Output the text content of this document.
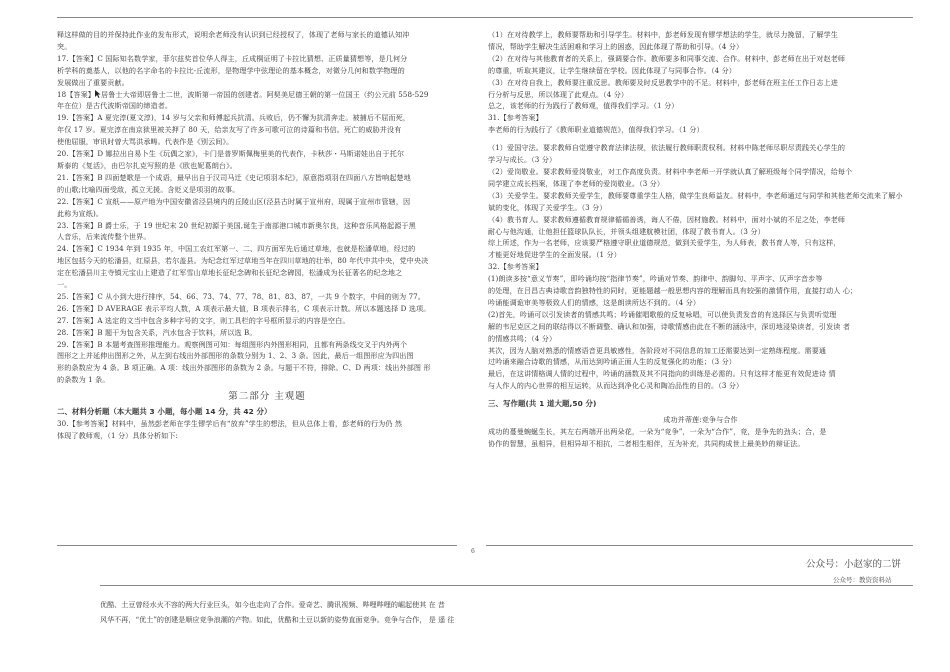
释这样做的目的并保持此作业的发布形式，说明余老师没有认识到已经授权了，体现了老师与家长的道德认知冲

突。

17.【答案】C 国际知名数学家，菲尔兹奖首位华人得主，丘成桐证明了卡拉比猜想、正质量猜想等，是几何分

析学科的奠基人，以他的名字命名的卡拉比-丘流形，是物理学中弦理论的基本概念，对微分几何和数学物理的

发展做出了重要贡献。

18【答案】 居鲁士大帝即居鲁士二世，波斯第一帝国的创建者。阿契美尼德王朝的第一位国王（约公元前 558-529

年在位）是古代波斯帝国的缔造者。

19.【答案】A 夏完淳(夏文淳)，14 岁与父亲和师傅起兵抗清。兵败后，仍不懈为抗清奔走。被捕后不屈而死，

年仅 17 岁。夏完淳在南京狱里被关押了 80 天，给亲友写了许多可歌可泣的诗篇和书信。死亡的威胁并没有

使他屈服，审讯时曾大骂洪承畴。代表作是《别云间》。

20.【答案】D 娜拉出自易卜生《玩偶之家》，卡门是普罗斯佩梅里美的代表作，卡秋莎・马斯诺娃出自于托尔

斯泰的《复活》，由巴尔扎克写照的是《欧也妮葛朗台》。

21.【答案】B 四面楚歌是一个成语，最早出自于汉司马迁《史记项羽本纪》，原意指项羽在四面八方皆响起楚地

的山歌;比喻四面受敌，孤立无援。含贬义是项羽的故事。

22.【答案】C 宣纸——原产地为中国安徽省泾县境内的丘陵山区(泾县古时属于宣州府，现属于宣州市管辖，因

此称为宣纸)。

23.【答案】B 爵士乐，于 19 世纪末 20 世纪初源于美国,诞生于南部港口城市新奥尔良，这种音乐风格起源于黑

人音乐，后来流传整个世界。

24.【答案】C 1934 年到 1935 年，中国工农红军第一、二、四方面军先后通过草地，也就是松潘草地，经过的

地区包括今天的松潘县，红原县，若尔盖县。为纪念红军过草地当年在四川草地的壮举，80 年代中共中央，党中央决

定在松潘县川主寺镇元宝山上建造了红军雪山草地长征纪念碑和长征纪念碑园，松潘成为长征著名的纪念地之

一。

25.【答案】C 从小到大进行排序，54、66、73、74、77、78、81、83、87，一共 9 个数字，中间的则为 77。

26.【答案】D AVERAGE 表示平均人数，A 项表示最大值，B 项表示排名，C 项表示计数。所以本题选择 D 选项。

27.【答案】A 选定的文当中包含多种字号的文字，则工具栏的字号框所显示的内容是空白。

28.【答案】B 题干为包含关系，汽水包含于饮料，所以选 B。

29.【答案】B 本题考查图形推理能力。观察例图可知：每组图形内外图形相同，且都有两条线交叉于内外两个

图形之上并延伸出图形之外，从左到右线出外部图形的条数分别为 1、2、3 条。因此，最后一组图形应为四出图

形的条数应为 4 条。B 项正确。A 项：线出外部图形的条数为 2 条。与题干不符，排除。C、D 两项：线出外部图 形

的条数为 1 条。

第二部分 主观题

二、材料分析题（本大题共 3 小题，每小题 14 分，共 42 分）

30.【参考答案】材料中，虽然彭老师在学生镠学后有“放弃”学生的想法，但从总体上看，彭老师的行为仍 然

体现了教师观，（1 分）具体分析如下:

（1）在对待教学上，教师要帮助和引导学生。材料中，彭老师发现有镠学想法的学生，就尽力挽留，了解学生

情况，帮助学生解决生活困难和学习上的困惑，因此体现了帮助和引导。（4 分）

（2）在对待与其他教育者的关系上，强调要合作。教师要多和同事交流、合作。材料中，彭老师在出于对赵老师

的尊重，听取其建议，让学生继续留在学校。因此体现了与同事合作。（4 分）

（3）在对待自我上，教师要注重反思。教师要及时反思教学中的不足。材料中，彭老师在班主任工作日志上进

行分析与反思，所以体现了此观点。（4 分）

总之，该老师的行为践行了教师观，值得我们学习。（1 分）

31.【参考答案】

李老师的行为践行了《教师职业道德规范》，值得我们学习。（1 分）

（1）爱国守法。要求教师自觉遵守教育法律法规，依法履行教师职责权利。材料中陈老师尽职尽责践关心学生的

学习与成长。（3 分）

（2）爱岗敬业。要求教师爱岗敬业，对工作高度负责。材料中李老师一开学就认真了解班级每个同学情况，给每个

同学建立成长档案，体现了李老师的爱岗敬业。（3 分）

（3）关爱学生。要求教师关爱学生，教师要尊重学生人格，做学生良师益友。材料中，李老师通过与同学和其他老师交流来了解小

斌的变化，体现了关爱学生。（3 分）

（4）教书育人。要求教师遵循教育规律循循善诱，诲人不倦，因材施教。材料中，面对小斌的不足之处，李老师

耐心与他沟通，让他担任篮球队队长，并领头组建航模社团，体现了教书育人。（3 分）

综上所述，作为一名老师，应该要严格遵守职业道德规范，做到关爱学生，为人师表，教书育人等，只有这样，

才能更好地促进学生的全面发展。（1 分）

32.【参考答案】

(1)朗读多按“意义节奏”，即吟诵均按“指律节奏”，吟诵对节奏、韵律中、韵脚句、平声字、仄声字音步等

的处理，在吕昌古典诗歌音韵独特性的同时，更能题越一般思想内容的理解而具有较强的激情作用，直接打动人 心；

吟诵能调诡审美等极致人们的情感，这是朗读所达不到的。（4 分）

(2)首先，吟诵可以引发读者的情感共鸣；吟诵催唱歌般的反复咏唱，可以使负责发音的有选择区与负责听觉理

解的韦尼克区之间的联结得以不断调整、确认和加强，诗歌情感由此在不断的涵泳中，深切地浸染读者，引发读 者

的情感共鸣；（4 分）

其次，因为人脑对熟悉的情感语音更具敏感性，各阶段对不同信息的加工还需要达到一定熟练程度。需要通

过吟诵来融合诗歌的情感，从而达到吟诵正面人生的反复强化的功能；（3 分）

最后，在这讲情格调人情的过程中，吟诵的涵数及其不同指向的训练是必需的。只有这样才能更有效促进诗 情

与人作人的内心世界的相互运转，从而达到净化心灵和陶冶品性的目的。（3 分）

三、写作题(共 1 道大题,50 分)

成功并蒂莲:竞争与合作

成功的蔓曼蜿蜒生长，其左右两端开出两朵花，一朵为“竞争”，一朵为“合作”，竞，是争先的劲头；合，是

协作的智慧，虽相异，但相异却不相抗，二者相生相伴，互为补充，共同构成世上最美妙的辩证法。

6
公众号：小赵家的二饼
公众号：教资资料站

优酷、土豆曾经水火不容的两大行业巨头，如今也走向了合作。爱奇艺、腾讯视频、哔哩哔哩的崛起使其 在 昔

风华不再，“优土”的创建是顺应竞争浪潮的产物。如此，优酷和土豆以新的姿势直面竞争。竞争与合作， 是 遥 往
